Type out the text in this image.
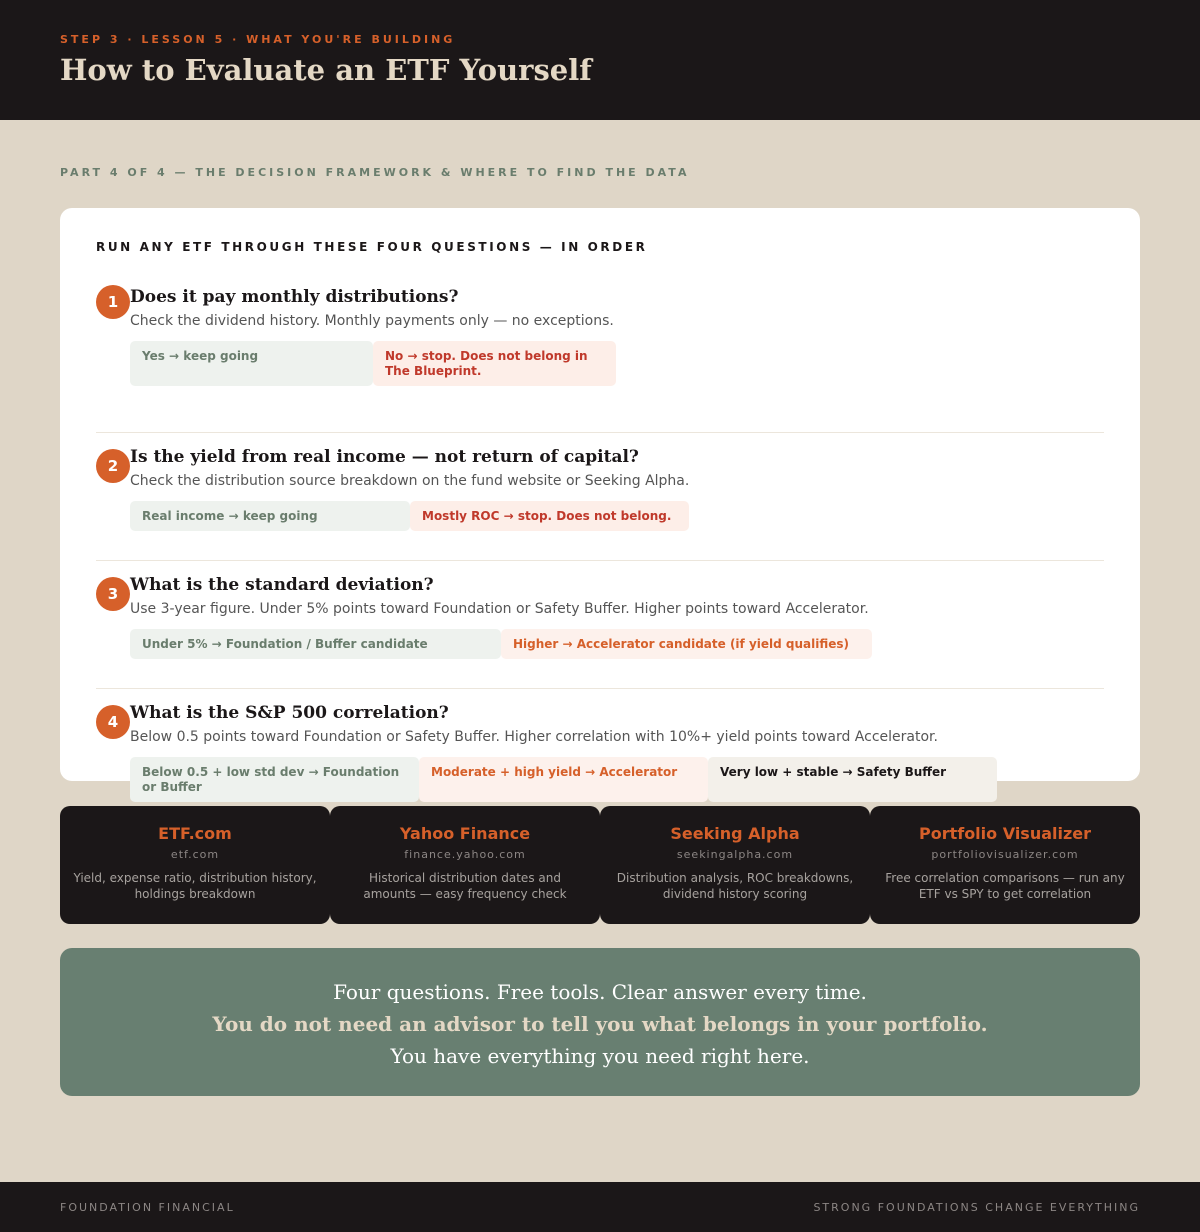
STEP 3 · LESSON 5 · WHAT YOU'RE BUILDING
How to Evaluate an ETF Yourself
PART 4 OF 4 — THE DECISION FRAMEWORK & WHERE TO FIND THE DATA
RUN ANY ETF THROUGH THESE FOUR QUESTIONS — IN ORDER
1 Does it pay monthly distributions?

Check the dividend history. Monthly payments only — no exceptions.

Yes → keep going	No → stop. Does not belong in The Blueprint.
2 Is the yield from real income — not return of capital?

Check the distribution source breakdown on the fund website or Seeking Alpha.

Real income → keep going	Mostly ROC → stop. Does not belong.
3 What is the standard deviation?

Use 3-year figure. Under 5% points toward Foundation or Safety Buffer. Higher points toward Accelerator.

Under 5% → Foundation / Buffer candidate	Higher → Accelerator candidate (if yield qualifies)
4 What is the S&P 500 correlation?

Below 0.5 points toward Foundation or Safety Buffer. Higher correlation with 10%+ yield points toward Accelerator.

Below 0.5 + low std dev → Foundation or Buffer
Moderate + high yield → Accelerator	Very low + stable → Safety Buffer
ETF.com
etf.com
Yield, expense ratio, distribution history, holdings breakdown
Yahoo Finance
finance.yahoo.com
Historical distribution dates and amounts — easy frequency check
Seeking Alpha
seekingalpha.com
Distribution analysis, ROC breakdowns, dividend history scoring
Portfolio Visualizer
portfoliovisualizer.com
Free correlation comparisons — run any ETF vs SPY to get correlation
Four questions. Free tools. Clear answer every time.
You do not need an advisor to tell you what belongs in your portfolio.
You have everything you need right here.
FOUNDATION FINANCIAL	STRONG FOUNDATIONS CHANGE EVERYTHING
